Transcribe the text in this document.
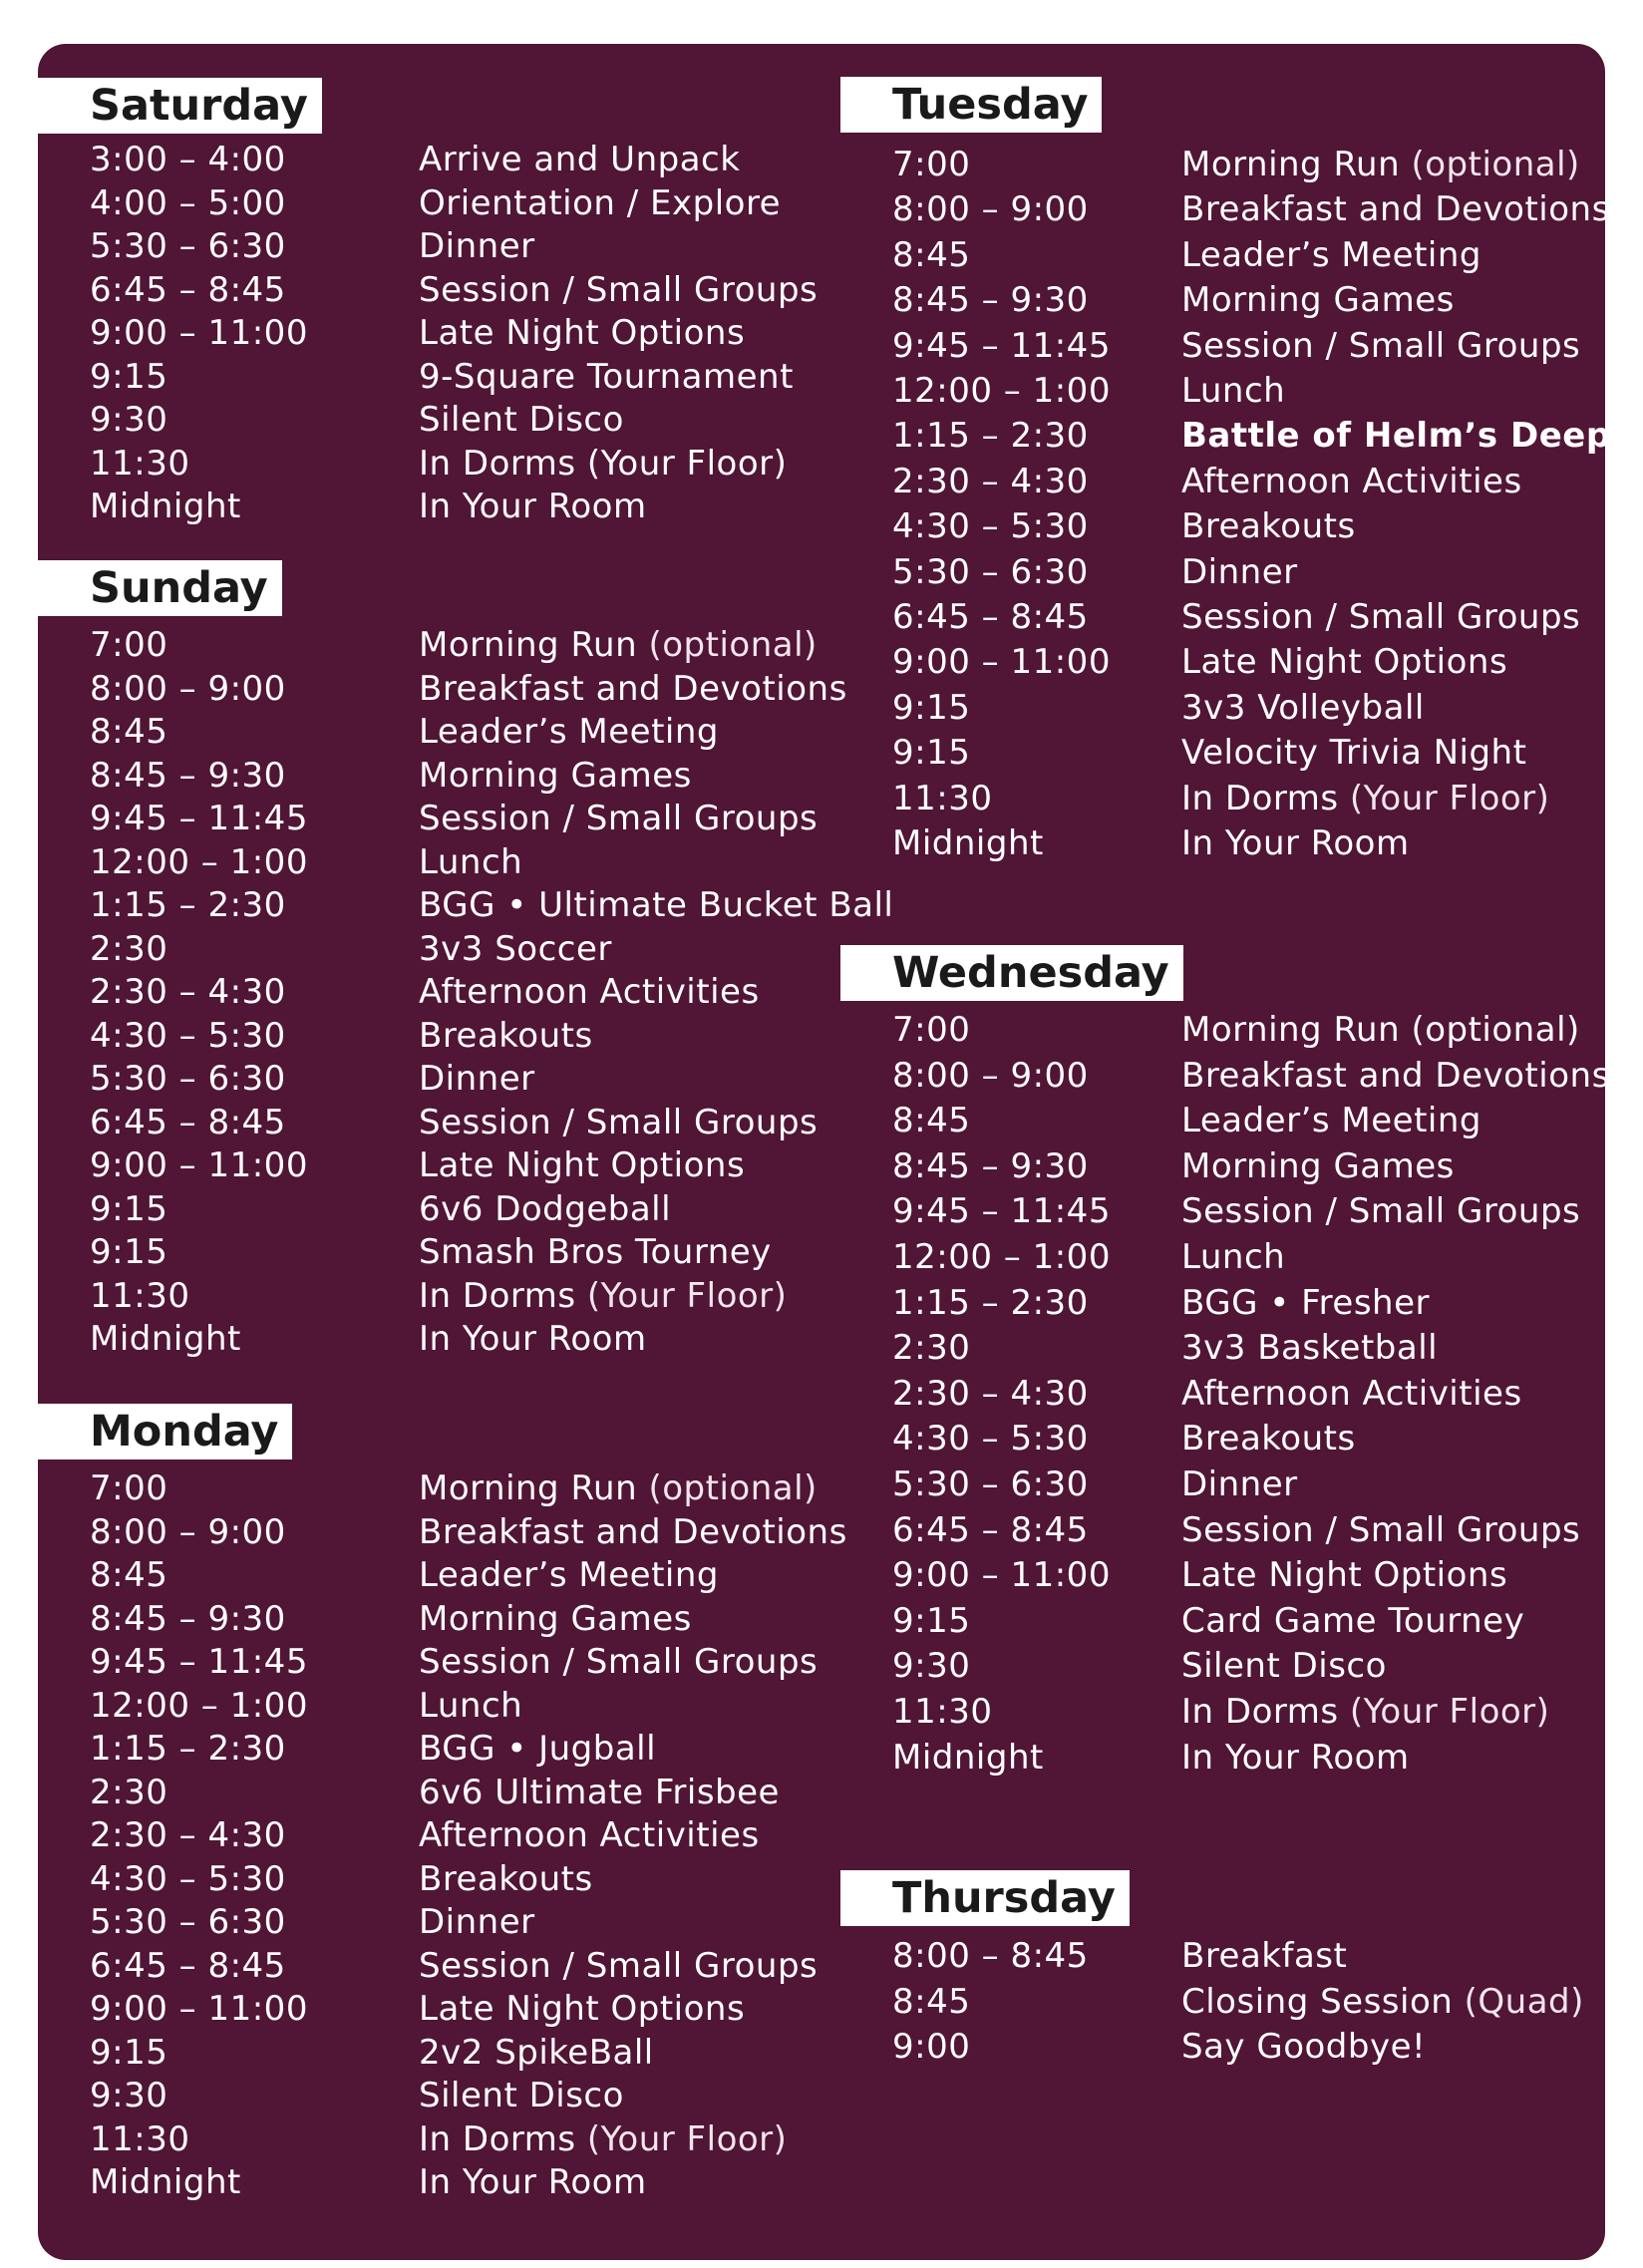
Saturday
3:00 – 4:00	Arrive and Unpack
4:00 – 5:00	Orientation / Explore
5:30 – 6:30	Dinner
6:45 – 8:45	Session / Small Groups
9:00 – 11:00	Late Night Options
9:15	9-Square Tournament
9:30	Silent Disco
11:30	In Dorms (Your Floor)
Midnight	In Your Room
Sunday
7:00	Morning Run (optional)
8:00 – 9:00	Breakfast and Devotions
8:45	Leader’s Meeting
8:45 – 9:30	Morning Games
9:45 – 11:45	Session / Small Groups
12:00 – 1:00	Lunch
1:15 – 2:30	BGG • Ultimate Bucket Ball
2:30	3v3 Soccer
2:30 – 4:30	Afternoon Activities
4:30 – 5:30	Breakouts
5:30 – 6:30	Dinner
6:45 – 8:45	Session / Small Groups
9:00 – 11:00	Late Night Options
9:15	6v6 Dodgeball
9:15	Smash Bros Tourney
11:30	In Dorms (Your Floor)
Midnight	In Your Room
Monday
7:00	Morning Run (optional)
8:00 – 9:00	Breakfast and Devotions
8:45	Leader’s Meeting
8:45 – 9:30	Morning Games
9:45 – 11:45	Session / Small Groups
12:00 – 1:00	Lunch
1:15 – 2:30	BGG • Jugball
2:30	6v6 Ultimate Frisbee
2:30 – 4:30	Afternoon Activities
4:30 – 5:30	Breakouts
5:30 – 6:30	Dinner
6:45 – 8:45	Session / Small Groups
9:00 – 11:00	Late Night Options
9:15	2v2 SpikeBall
9:30	Silent Disco
11:30	In Dorms (Your Floor)
Midnight	In Your Room
Tuesday
7:00	Morning Run (optional)
8:00 – 9:00	Breakfast and Devotions
8:45	Leader’s Meeting
8:45 – 9:30	Morning Games
9:45 – 11:45 Session / Small Groups
12:00 – 1:00 Lunch
1:15 – 2:30	Battle of Helm’s Deep
2:30 – 4:30	Afternoon Activities
4:30 – 5:30	Breakouts
5:30 – 6:30	Dinner
6:45 – 8:45	Session / Small Groups
9:00 – 11:00 Late Night Options
9:15	3v3 Volleyball
9:15	Velocity Trivia Night
11:30	In Dorms (Your Floor)
Midnight	In Your Room
Wednesday
7:00	Morning Run (optional)
8:00 – 9:00	Breakfast and Devotions
8:45	Leader’s Meeting
8:45 – 9:30	Morning Games
9:45 – 11:45 Session / Small Groups
12:00 – 1:00 Lunch
1:15 – 2:30	BGG • Fresher
2:30	3v3 Basketball
2:30 – 4:30	Afternoon Activities
4:30 – 5:30	Breakouts
5:30 – 6:30	Dinner
6:45 – 8:45	Session / Small Groups
9:00 – 11:00 Late Night Options
9:15	Card Game Tourney
9:30	Silent Disco
11:30	In Dorms (Your Floor)
Midnight	In Your Room
Thursday
8:00 – 8:45	Breakfast
8:45	Closing Session (Quad)
9:00	Say Goodbye!
